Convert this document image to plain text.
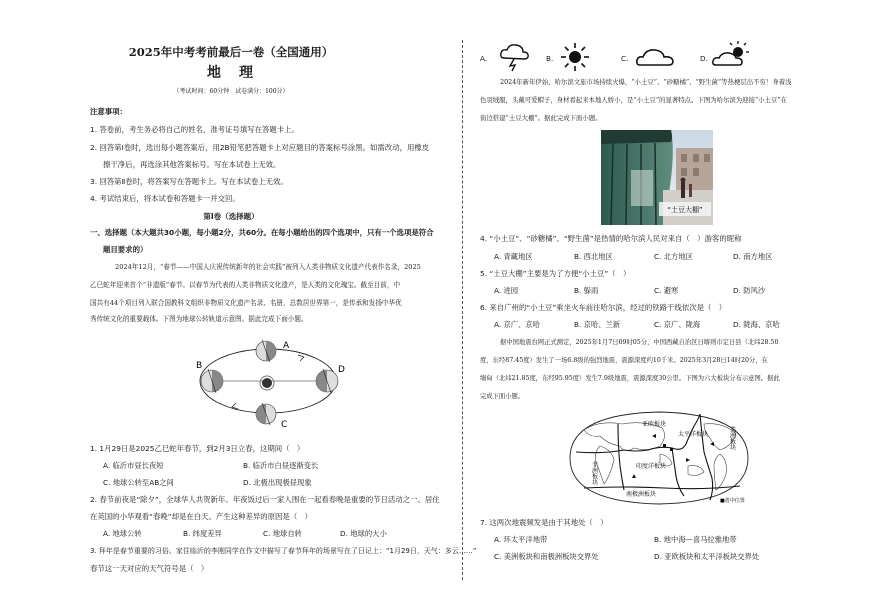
2025年中考考前最后一卷（全国通用）
地　理
（考试时间：60分钟　试卷满分：100分）
注意事项：
1. 答卷前，考生务必将自己的姓名、准考证号填写在答题卡上。
2. 回答第Ⅰ卷时，选出每小题答案后，用2B铅笔把答题卡上对应题目的答案标号涂黑。如需改动，用橡皮
擦干净后，再选涂其他答案标号。写在本试卷上无效。
3. 回答第Ⅱ卷时，将答案写在答题卡上。写在本试卷上无效。
4. 考试结束后，将本试卷和答题卡一并交回。
第Ⅰ卷（选择题）
一、选择题（本大题共30小题，每小题2分，共60分。在每小题给出的四个选项中，只有一个选项是符合
题目要求的）
2024年12月，“春节——中国人庆祝传统新年的社会实践”被列入人类非物质文化遗产代表作名录，2025
乙巳蛇年迎来首个“非遗版”春节。以春节为代表的人类非物质文化遗产，是人类的文化瑰宝。截至目前，中
国共有44个项目列入联合国教科文组织非物质文化遗产名录、名册，总数居世界第一，是传承和发扬中华优
秀传统文化的重要载体。下图为地球公转轨道示意图。据此完成下面小题。
A
B
C
D
1. 1月29日是2025乙巳蛇年春节，到2月3日立春，这期间（　）
A. 临沂市昼长夜短	B. 临沂市白昼逐渐变长
C. 地球公转至AB之间	D. 北极出现极昼现象
2. 春节前夜是“除夕”，全球华人共贺新年。年夜饭过后一家人围在一起看春晚是重要的节日活动之一。居住
在英国的小华观看“春晚”却是在白天。产生这种差异的原因是（　）
A. 地球公转	B. 纬度差异	C. 地球自转	D. 地球的大小
3. 拜年是春节重要的习俗。家住临沂的李刚同学在作文中描写了春节拜年的场景写在了日记上：“1月29日，天气：多云……”
春节这一天对应的天气符号是（　）
A.	B.	C.	D.
2024年新年伊始，哈尔滨文旅市场持续火爆，“小土豆”、“砂糖橘”、“野生菌”等热梗层出不穷！身着浅
色羽绒服，头戴可爱帽子，身材看起来本地人娇小，是“小土豆”的显著特点。下图为哈尔滨为迎接“小土豆”在
街边搭建“土豆大棚”。据此完成下面小题。
“土豆大棚”
4. “小土豆”、“砂糖橘”、“野生菌”是热情的哈尔滨人民对来自（　）游客的昵称
A. 青藏地区	B. 西北地区	C. 北方地区	D. 南方地区
5. “土豆大棚”主要是为了方便“小土豆”（　）
A. 进园	B. 躲雨	C. 避寒	D. 防风沙
6. 来自广州的“小土豆”乘坐火车前往哈尔滨，经过的铁路干线依次是（　）
A. 京广、京哈	B. 京哈、兰新	C. 京广、陇海	D. 陇海、京哈
据中国地震台网正式测定，2025年1月7日09时05分，中国西藏自治区日喀则市定日县（北纬28.50
度，东经87.45度）发生了一场6.8级的强烈地震，震源深度约10千米。2025年3月28日14时20分，在
缅甸（北纬21.85度，东经95.95度）发生7.9级地震，震源深度30公里。下图为六大板块分布示意图。据此
完成下面小题。
亚欧板块
非洲板块	印度洋板块
太平洋板块	美洲板块
南极洲板块
■震中位置
7. 这两次地震频发是由于其地处（　）
A. 环太平洋地带	B. 地中海—喜马拉雅地带
C. 美洲板块和南极洲板块交界处	D. 亚欧板块和太平洋板块交界处
